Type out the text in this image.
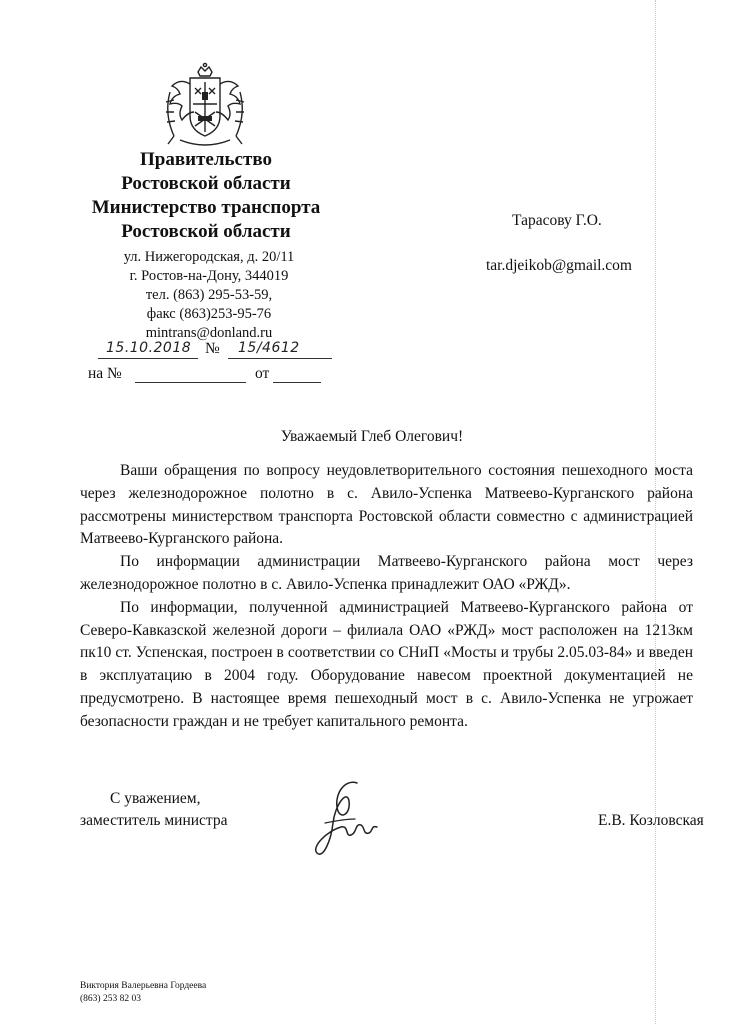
Правительство
Ростовской области
Министерство транспорта
Ростовской области
ул. Нижегородская, д. 20/11
г. Ростов-на-Дону, 344019
тел. (863) 295-53-59,
факс (863)253-95-76
mintrans@donland.ru
15.10.2018 № 15/4612
на №	от
Тарасову Г.О.
tar.djeikob@gmail.com
Уважаемый Глеб Олегович!

Ваши обращения по вопросу неудовлетворительного состояния пешеходного моста через железнодорожное полотно в с. Авило-Успенка Матвеево-Курганского района рассмотрены министерством транспорта Ростовской области совместно с администрацией Матвеево-Курганского района.

По информации администрации Матвеево-Курганского района мост через железнодорожное полотно в с. Авило-Успенка принадлежит ОАО «РЖД».

По информации, полученной администрацией Матвеево-Курганского района от Северо-Кавказской железной дороги – филиала ОАО «РЖД» мост расположен на 1213км пк10 ст. Успенская, построен в соответствии со СНиП «Мосты и трубы 2.05.03-84» и введен в эксплуатацию в 2004 году. Оборудование навесом проектной документацией не предусмотрено. В настоящее время пешеходный мост в с. Авило-Успенка не угрожает безопасности граждан и не требует капитального ремонта.

С уважением,
заместитель министра	Е.В. Козловская
Виктория Валерьевна Гордеева
(863) 253 82 03
